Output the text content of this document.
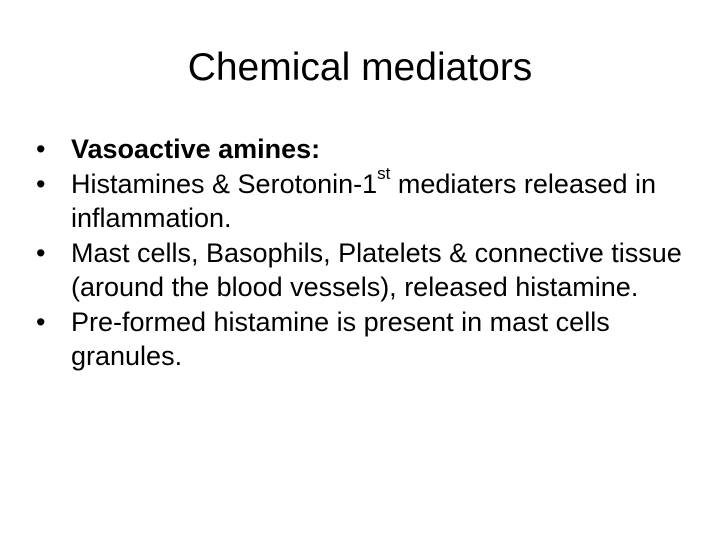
Chemical mediators
• Vasoactive amines:
• Histamines & Serotonin-1st mediaters released in inflammation.
• Mast cells, Basophils, Platelets & connective tissue (around the blood vessels), released histamine.
• Pre-formed histamine is present in mast cells granules.
